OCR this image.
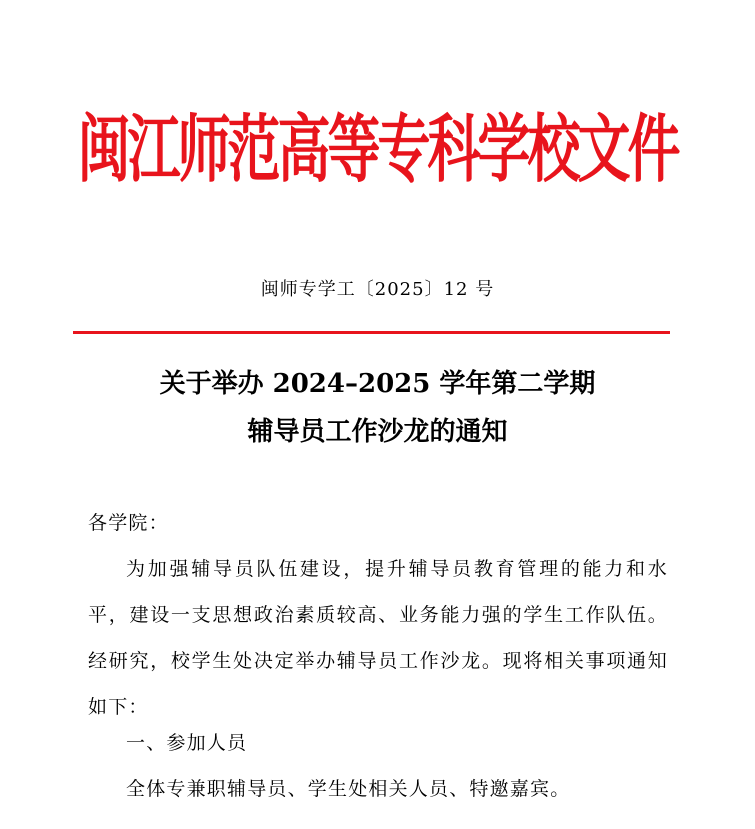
闽江师范高等专科学校文件
闽师专学工〔2025〕12 号
关于举办 2024–2025 学年第二学期
辅导员工作沙龙的通知
各学院：
为加强辅导员队伍建设，提升辅导员教育管理的能力和水平，建设一支思想政治素质较高、业务能力强的学生工作队伍。经研究，校学生处决定举办辅导员工作沙龙。现将相关事项通知如下：
一、参加人员
全体专兼职辅导员、学生处相关人员、特邀嘉宾。
